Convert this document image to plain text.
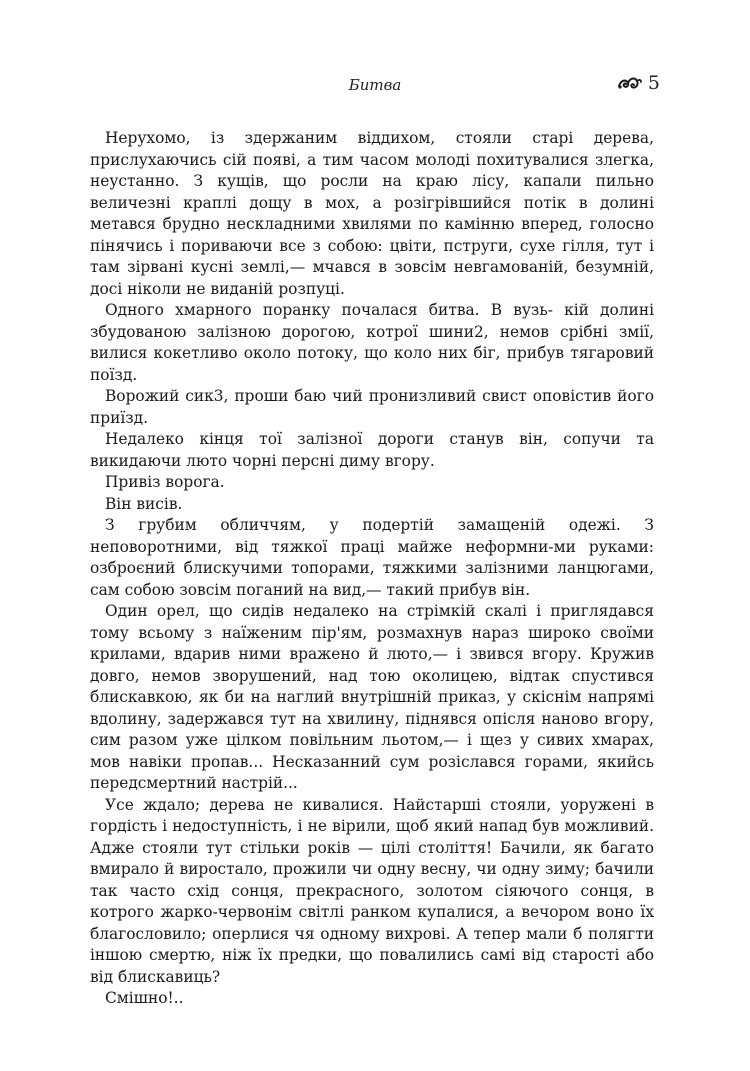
Битва	5

Нерухомо, із здержаним віддихом, стояли старі дерева, прислухаючись сій появі, а тим часом молоді похитувалися злегка, неустанно. З кущів, що росли на краю лісу, капали пильно величезні краплі дощу в мох, а розігрівшийся потік в долині метався брудно нескладними хвилями по камінню вперед, голосно пінячись і пориваючи все з собою: цвіти, пструги, сухе гілля, тут і там зірвані кусні землі,— мчався в зовсім невгамованій, безумній, досі ніколи не виданій розпуці.

Одного хмарного поранку почалася битва. В вузь- кій долині збудованою залізною дорогою, котрої шини2, немов срібні змії, вилися кокетливо около потоку, що коло них біг, прибув тягаровий поїзд.

Ворожий сик3, проши баю чий пронизливий свист оповістив його приїзд.

Недалеко кінця тої залізної дороги станув він, сопучи та викидаючи люто чорні персні диму вгору.

Привіз ворога.

Він висів.

З грубим обличчям, у подертій замащеній одежі. З неповоротними, від тяжкої праці майже неформни-ми руками: озброєний блискучими топорами, тяжкими залізними ланцюгами, сам собою зовсім поганий на вид,— такий прибув він.

Один орел, що сидів недалеко на стрімкій скалі і приглядався тому всьому з наїженим пір'ям, розмахнув нараз широко своїми крилами, вдарив ними вражено й люто,— і звився вгору. Кружив довго, немов зворушений, над тою околицею, відтак спустився блискавкою, як би на наглий внутрішній приказ, у скіснім напрямі вдолину, задержався тут на хвилину, піднявся опісля наново вгору, сим разом уже цілком повільним льотом,— і щез у сивих хмарах, мов навіки пропав... Несказанний сум розіслався горами, якийсь передсмертний настрій...

Усе ждало; дерева не кивалися. Найстарші стояли, уоружені в гордість і недоступність, і не вірили, щоб який напад був можливий. Адже стояли тут стільки років — цілі століття! Бачили, як багато вмирало й виростало, прожили чи одну весну, чи одну зиму; бачили так часто схід сонця, прекрасного, золотом сіяючого сонця, в котрого жарко-червонім світлі ранком купалися, а вечором воно їх благословило; оперлися чя одному вихрові. А тепер мали б полягти іншою смертю, ніж їх предки, що повалились самі від старості або від блискавиць?

Смішно!..
